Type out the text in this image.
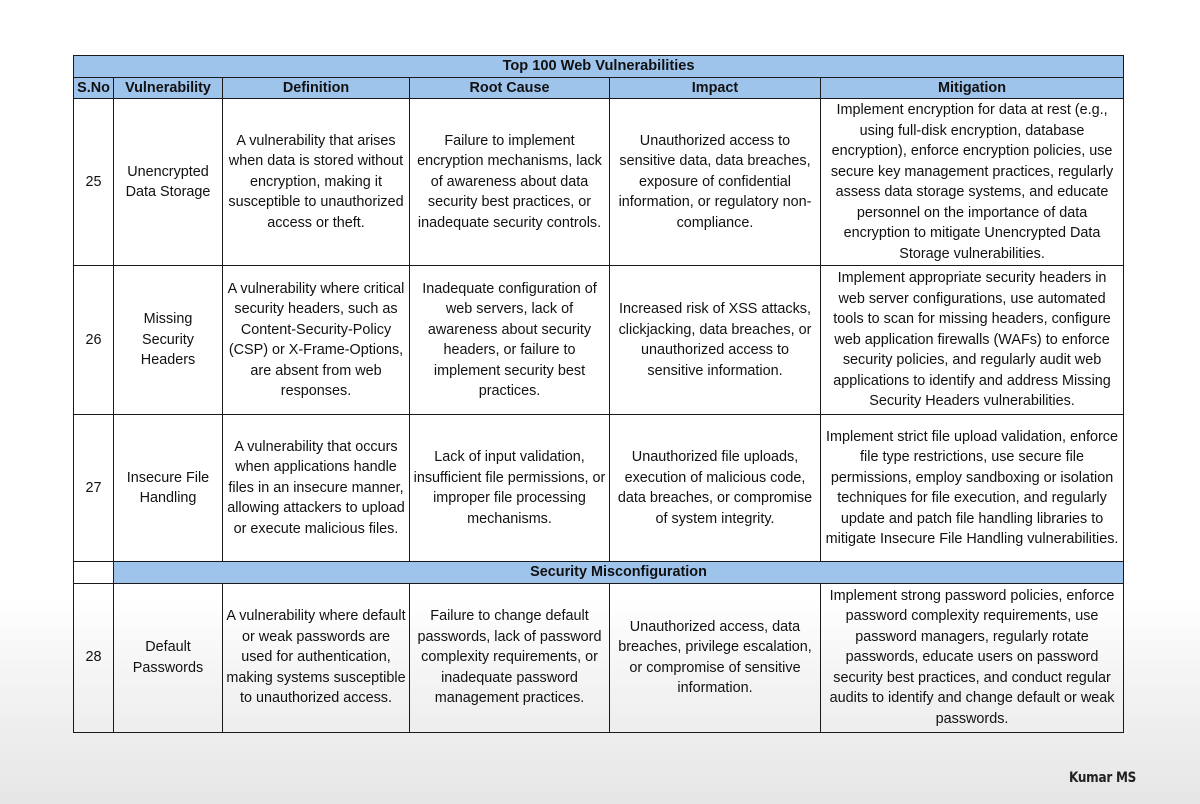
Top 100 Web Vulnerabilities					
S.No	Vulnerability	Definition	Root Cause	Impact	Mitigation
25	Unencrypted Data Storage	A vulnerability that arises when data is stored without encryption, making it susceptible to unauthorized access or theft.	Failure to implement encryption mechanisms, lack of awareness about data security best practices, or inadequate security controls.	Unauthorized access to sensitive data, data breaches, exposure of confidential information, or regulatory non-compliance.	Implement encryption for data at rest (e.g., using full-disk encryption, database encryption), enforce encryption policies, use secure key management practices, regularly assess data storage systems, and educate personnel on the importance of data encryption to mitigate Unencrypted Data Storage vulnerabilities.
26	Missing Security Headers	A vulnerability where critical security headers, such as Content-Security-Policy (CSP) or X-Frame-Options, are absent from web responses.	Inadequate configuration of web servers, lack of awareness about security headers, or failure to implement security best practices.	Increased risk of XSS attacks, clickjacking, data breaches, or unauthorized access to sensitive information.	Implement appropriate security headers in web server configurations, use automated tools to scan for missing headers, configure web application firewalls (WAFs) to enforce security policies, and regularly audit web applications to identify and address Missing Security Headers vulnerabilities.
27	Insecure File Handling	A vulnerability that occurs when applications handle files in an insecure manner, allowing attackers to upload or execute malicious files.	Lack of input validation, insufficient file permissions, or improper file processing mechanisms.	Unauthorized file uploads, execution of malicious code, data breaches, or compromise of system integrity.	Implement strict file upload validation, enforce file type restrictions, use secure file permissions, employ sandboxing or isolation techniques for file execution, and regularly update and patch file handling libraries to mitigate Insecure File Handling vulnerabilities.
	Security Misconfiguration				
28	Default Passwords	A vulnerability where default or weak passwords are used for authentication, making systems susceptible to unauthorized access.	Failure to change default passwords, lack of password complexity requirements, or inadequate password management practices.	Unauthorized access, data breaches, privilege escalation, or compromise of sensitive information.	Implement strong password policies, enforce password complexity requirements, use password managers, regularly rotate passwords, educate users on password security best practices, and conduct regular audits to identify and change default or weak passwords.
Kumar MS
